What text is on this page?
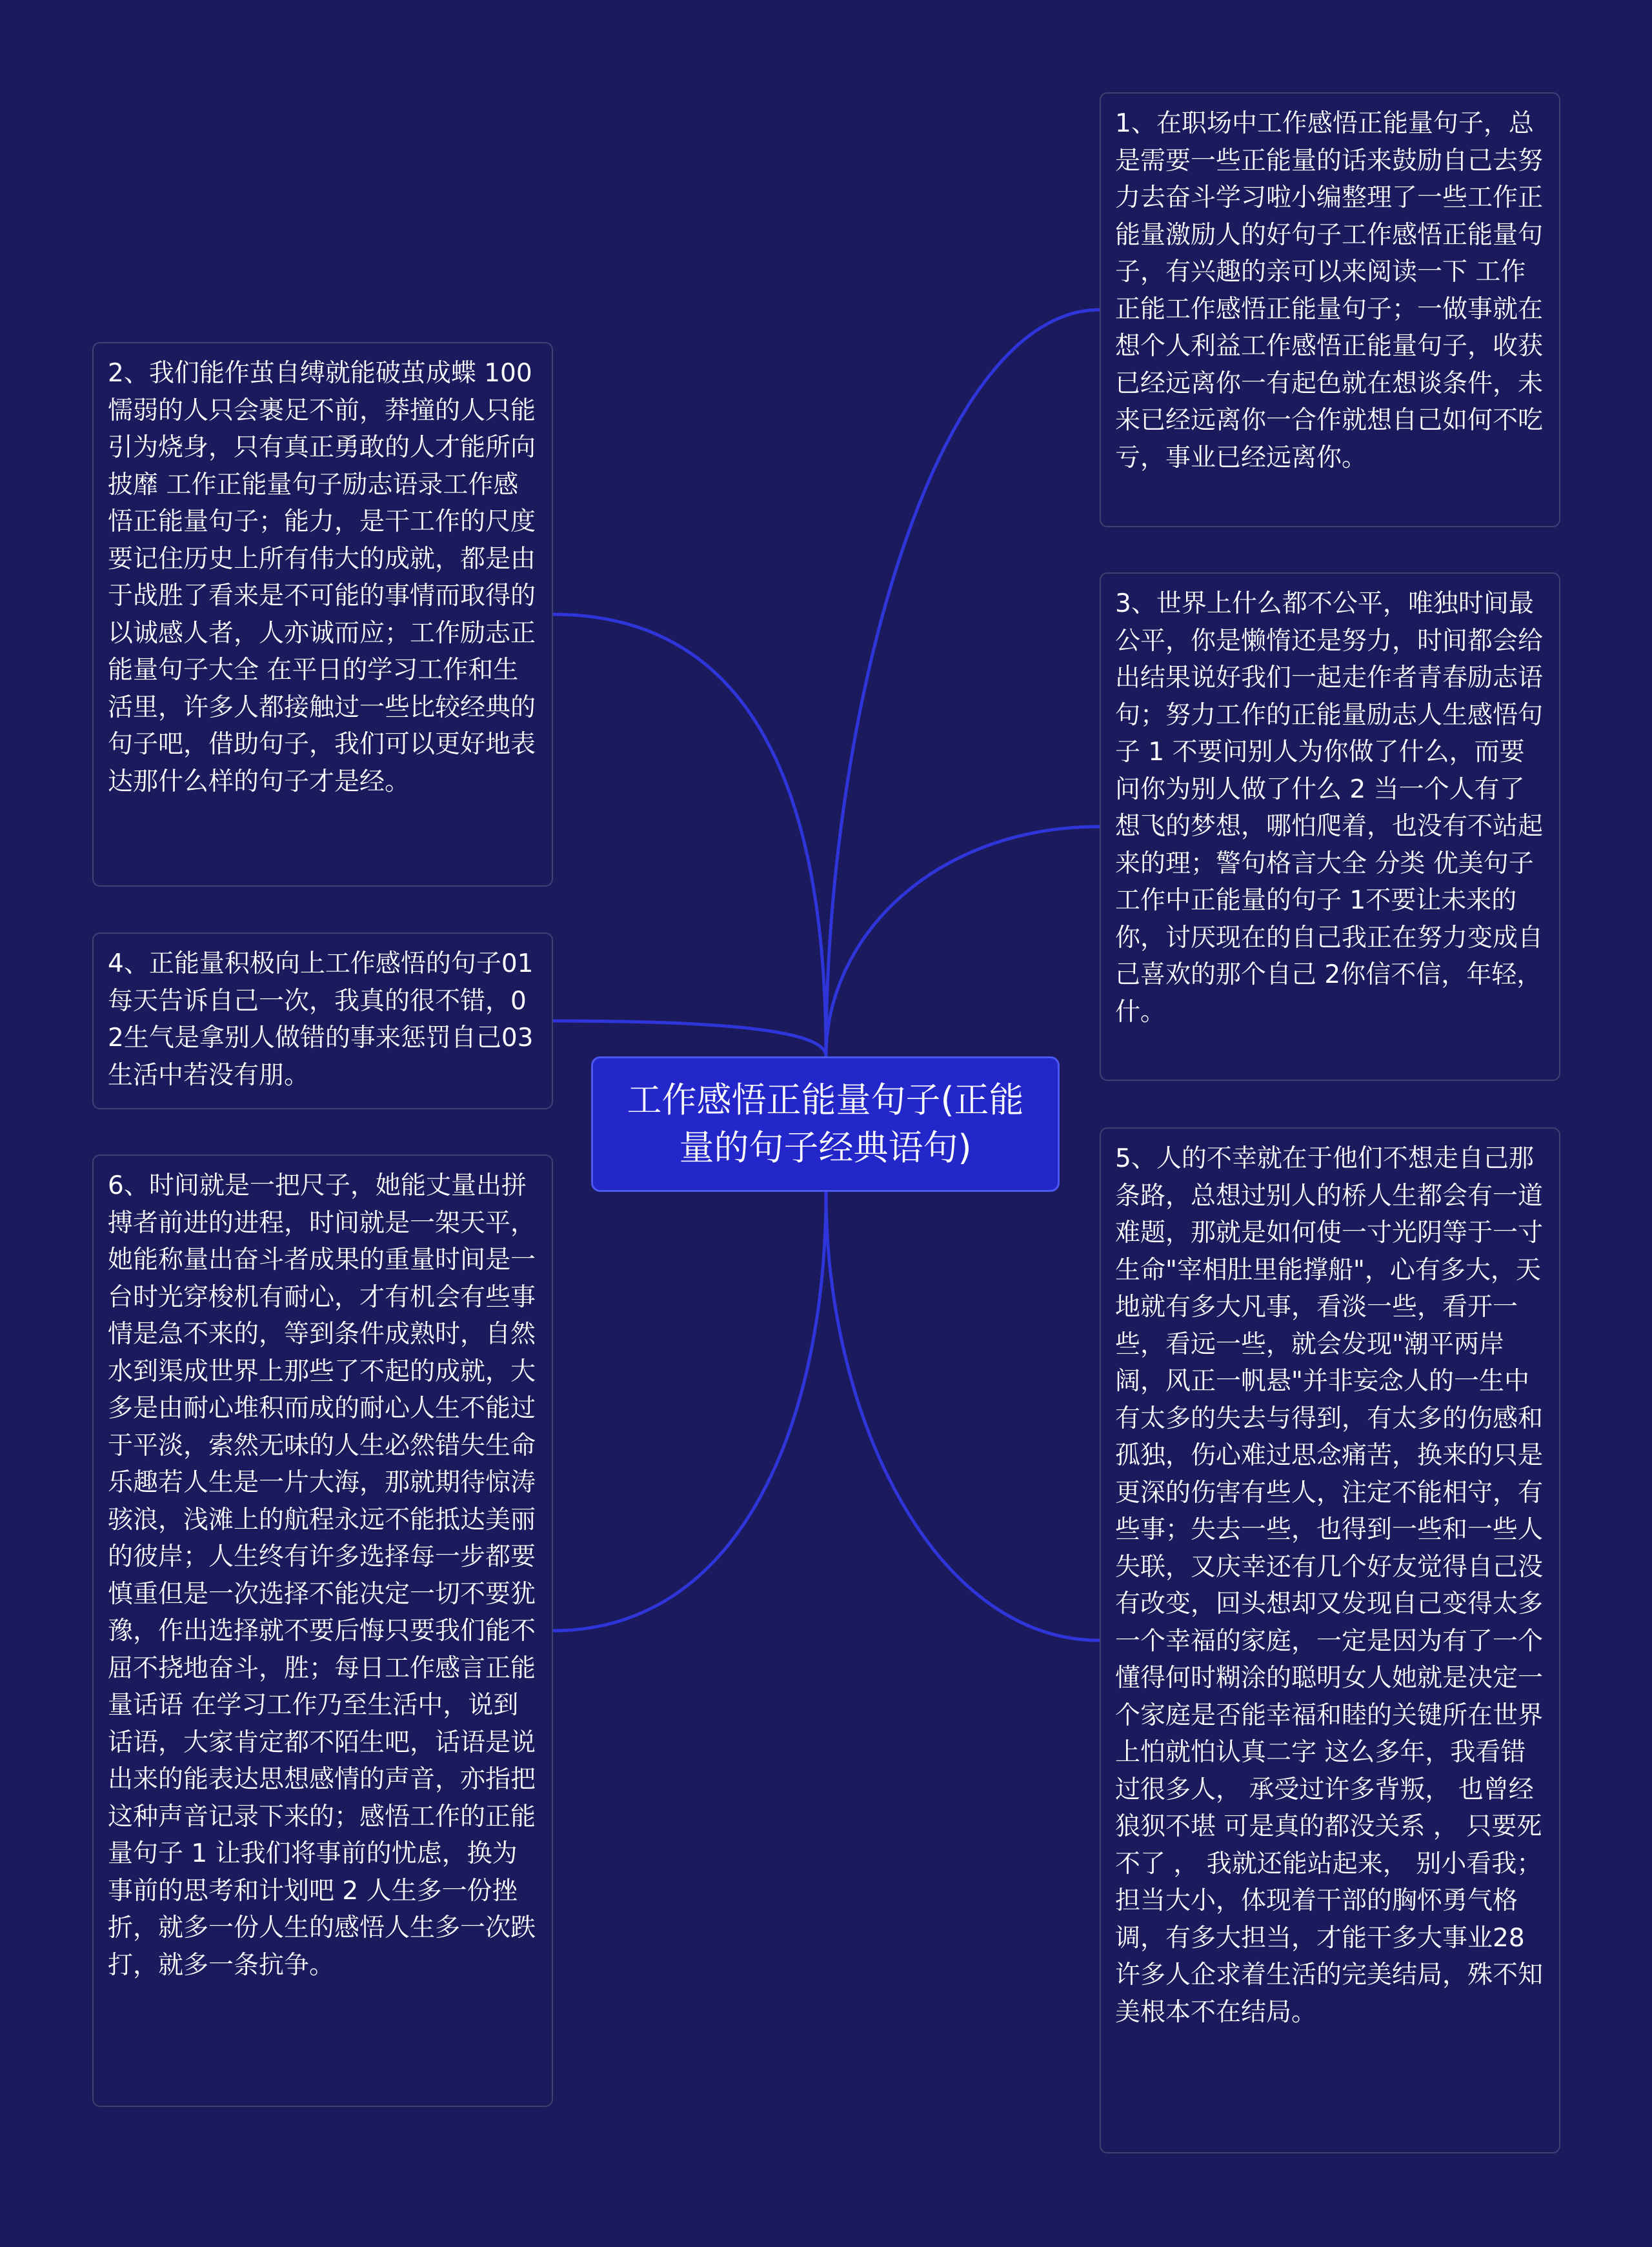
工作感悟正能量句子(正能量的句子经典语句)
1、在职场中工作感悟正能量句子，总是需要一些正能量的话来鼓励自己去努力去奋斗学习啦小编整理了一些工作正能量激励人的好句子工作感悟正能量句子，有兴趣的亲可以来阅读一下 工作正能工作感悟正能量句子；一做事就在想个人利益工作感悟正能量句子，收获已经远离你一有起色就在想谈条件，未来已经远离你一合作就想自己如何不吃亏，事业已经远离你。
2、我们能作茧自缚就能破茧成蝶 100懦弱的人只会裹足不前，莽撞的人只能引为烧身，只有真正勇敢的人才能所向披靡 工作正能量句子励志语录工作感悟正能量句子；能力，是干工作的尺度要记住历史上所有伟大的成就，都是由于战胜了看来是不可能的事情而取得的以诚感人者，人亦诚而应；工作励志正能量句子大全 在平日的学习工作和生活里，许多人都接触过一些比较经典的句子吧，借助句子，我们可以更好地表达那什么样的句子才是经。
3、世界上什么都不公平，唯独时间最公平，你是懒惰还是努力，时间都会给出结果说好我们一起走作者青春励志语句；努力工作的正能量励志人生感悟句子 1 不要问别人为你做了什么，而要问你为别人做了什么 2 当一个人有了想飞的梦想，哪怕爬着，也没有不站起来的理；警句格言大全 分类 优美句子 工作中正能量的句子 1不要让未来的你，讨厌现在的自己我正在努力变成自己喜欢的那个自己 2你信不信，年轻，什。
4、正能量积极向上工作感悟的句子01每天告诉自己一次，我真的很不错，02生气是拿别人做错的事来惩罚自己03生活中若没有朋。
5、人的不幸就在于他们不想走自己那条路，总想过别人的桥人生都会有一道难题，那就是如何使一寸光阴等于一寸生命"宰相肚里能撑船"，心有多大，天地就有多大凡事，看淡一些，看开一些，看远一些，就会发现"潮平两岸阔，风正一帆悬"并非妄念人的一生中有太多的失去与得到，有太多的伤感和孤独，伤心难过思念痛苦，换来的只是更深的伤害有些人，注定不能相守，有些事；失去一些，也得到一些和一些人失联，又庆幸还有几个好友觉得自己没有改变，回头想却又发现自己变得太多 一个幸福的家庭，一定是因为有了一个懂得何时糊涂的聪明女人她就是决定一个家庭是否能幸福和睦的关键所在世界上怕就怕认真二字 这么多年，我看错过很多人， 承受过许多背叛， 也曾经狼狈不堪 可是真的都没关系 ， 只要死不了 ， 我就还能站起来， 别小看我；担当大小，体现着干部的胸怀勇气格调，有多大担当，才能干多大事业28许多人企求着生活的完美结局，殊不知美根本不在结局。
6、时间就是一把尺子，她能丈量出拼搏者前进的进程，时间就是一架天平，她能称量出奋斗者成果的重量时间是一台时光穿梭机有耐心，才有机会有些事情是急不来的，等到条件成熟时，自然水到渠成世界上那些了不起的成就，大多是由耐心堆积而成的耐心人生不能过于平淡，索然无味的人生必然错失生命乐趣若人生是一片大海，那就期待惊涛骇浪，浅滩上的航程永远不能抵达美丽的彼岸；人生终有许多选择每一步都要慎重但是一次选择不能决定一切不要犹豫，作出选择就不要后悔只要我们能不屈不挠地奋斗，胜；每日工作感言正能量话语 在学习工作乃至生活中，说到话语，大家肯定都不陌生吧，话语是说出来的能表达思想感情的声音，亦指把这种声音记录下来的；感悟工作的正能量句子 1 让我们将事前的忧虑，换为事前的思考和计划吧 2 人生多一份挫折，就多一份人生的感悟人生多一次跌打，就多一条抗争。
